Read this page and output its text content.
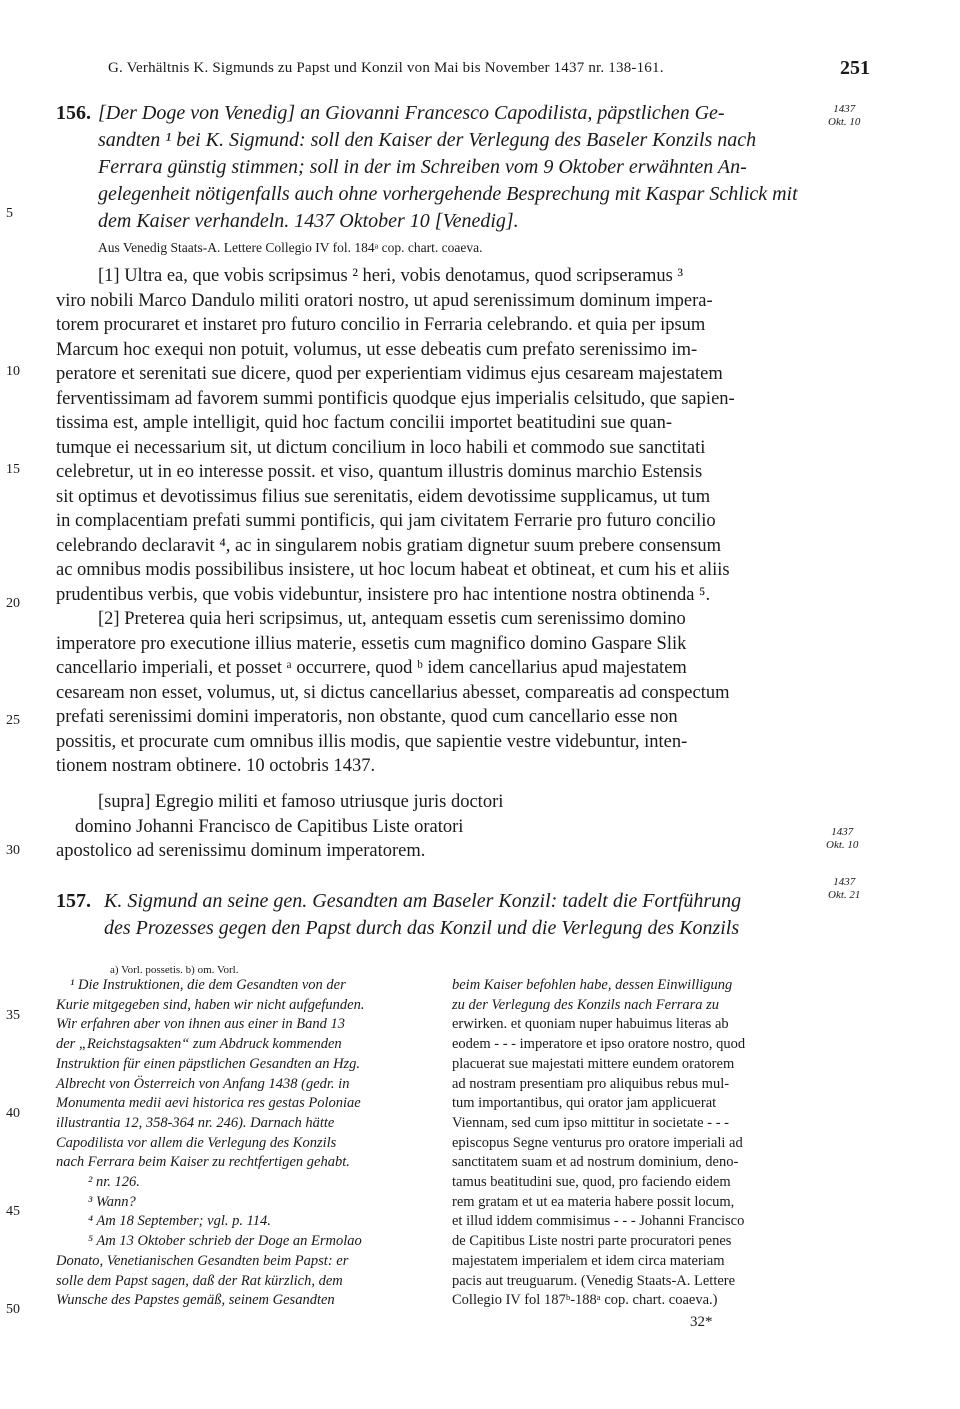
G. Verhältnis K. Sigmunds zu Papst und Konzil von Mai bis November 1437 nr. 138-161.	251
156. [Der Doge von Venedig] an Giovanni Francesco Capodilista, päpstlichen Ge-
sandten ¹ bei K. Sigmund: soll den Kaiser der Verlegung des Baseler Konzils nach
Ferrara günstig stimmen; soll in der im Schreiben vom 9 Oktober erwähnten An-
gelegenheit nötigenfalls auch ohne vorhergehende Besprechung mit Kaspar Schlick mit
dem Kaiser verhandeln. 1437 Oktober 10 [Venedig].
1437
Okt. 10
Aus Venedig Staats-A. Lettere Collegio IV fol. 184ᵃ cop. chart. coaeva.
[1] Ultra ea, que vobis scripsimus ² heri, vobis denotamus, quod scripseramus ³
viro nobili Marco Dandulo militi oratori nostro, ut apud serenissimum dominum impera-
torem procuraret et instaret pro futuro concilio in Ferraria celebrando. et quia per ipsum
Marcum hoc exequi non potuit, volumus, ut esse debeatis cum prefato serenissimo im-
peratore et serenitati sue dicere, quod per experientiam vidimus ejus cesaream majestatem
ferventissimam ad favorem summi pontificis quodque ejus imperialis celsitudo, que sapien-
tissima est, ample intelligit, quid hoc factum concilii importet beatitudini sue quan-
tumque ei necessarium sit, ut dictum concilium in loco habili et commodo sue sanctitati
celebretur, ut in eo interesse possit. et viso, quantum illustris dominus marchio Estensis
sit optimus et devotissimus filius sue serenitatis, eidem devotissime supplicamus, ut tum
in complacentiam prefati summi pontificis, qui jam civitatem Ferrarie pro futuro concilio
celebrando declaravit ⁴, ac in singularem nobis gratiam dignetur suum prebere consensum
ac omnibus modis possibilibus insistere, ut hoc locum habeat et obtineat, et cum his et aliis
prudentibus verbis, que vobis videbuntur, insistere pro hac intentione nostra obtinenda ⁵.
[2] Preterea quia heri scripsimus, ut, antequam essetis cum serenissimo domino
imperatore pro executione illius materie, essetis cum magnifico domino Gaspare Slik
cancellario imperiali, et posset ᵃ occurrere, quod ᵇ idem cancellarius apud majestatem
cesaream non esset, volumus, ut, si dictus cancellarius abesset, compareatis ad conspectum
prefati serenissimi domini imperatoris, non obstante, quod cum cancellario esse non
possitis, et procurate cum omnibus illis modis, que sapientie vestre videbuntur, inten-
tionem nostram obtinere. 10 octobris 1437.
[supra] Egregio militi et famoso utriusque juris doctori
domino Johanni Francisco de Capitibus Liste oratori
apostolico ad serenissimu dominum imperatorem.
1437
Okt. 10
157. K. Sigmund an seine gen. Gesandten am Baseler Konzil: tadelt die Fortführung
des Prozesses gegen den Papst durch das Konzil und die Verlegung des Konzils
1437
Okt. 21
a) Vorl. possetis. b) om. Vorl.
¹ Die Instruktionen, die dem Gesandten von der
Kurie mitgegeben sind, haben wir nicht aufgefunden.
Wir erfahren aber von ihnen aus einer in Band 13
der „Reichstagsakten“ zum Abdruck kommenden
Instruktion für einen päpstlichen Gesandten an Hzg.
Albrecht von Österreich von Anfang 1438 (gedr. in
Monumenta medii aevi historica res gestas Poloniae
illustrantia 12, 358-364 nr. 246). Darnach hätte
Capodilista vor allem die Verlegung des Konzils
nach Ferrara beim Kaiser zu rechtfertigen gehabt.
² nr. 126.
³ Wann?
⁴ Am 18 September; vgl. p. 114.
⁵ Am 13 Oktober schrieb der Doge an Ermolao
Donato, Venetianischen Gesandten beim Papst: er
solle dem Papst sagen, daß der Rat kürzlich, dem
Wunsche des Papstes gemäß, seinem Gesandten
beim Kaiser befohlen habe, dessen Einwilligung
zu der Verlegung des Konzils nach Ferrara zu
erwirken. et quoniam nuper habuimus literas ab
eodem - - - imperatore et ipso oratore nostro, quod
placuerat sue majestati mittere eundem oratorem
ad nostram presentiam pro aliquibus rebus mul-
tum importantibus, qui orator jam applicuerat
Viennam, sed cum ipso mittitur in societate - - -
episcopus Segne venturus pro oratore imperiali ad
sanctitatem suam et ad nostrum dominium, deno-
tamus beatitudini sue, quod, pro faciendo eidem
rem gratam et ut ea materia habere possit locum,
et illud iddem commisimus - - - Johanni Francisco
de Capitibus Liste nostri parte procuratori penes
majestatem imperialem et idem circa materiam
pacis aut treuguarum. (Venedig Staats-A. Lettere
Collegio IV fol 187ᵇ-188ᵃ cop. chart. coaeva.)
32*
5
10
15
20
25
30
35
40
45
50
